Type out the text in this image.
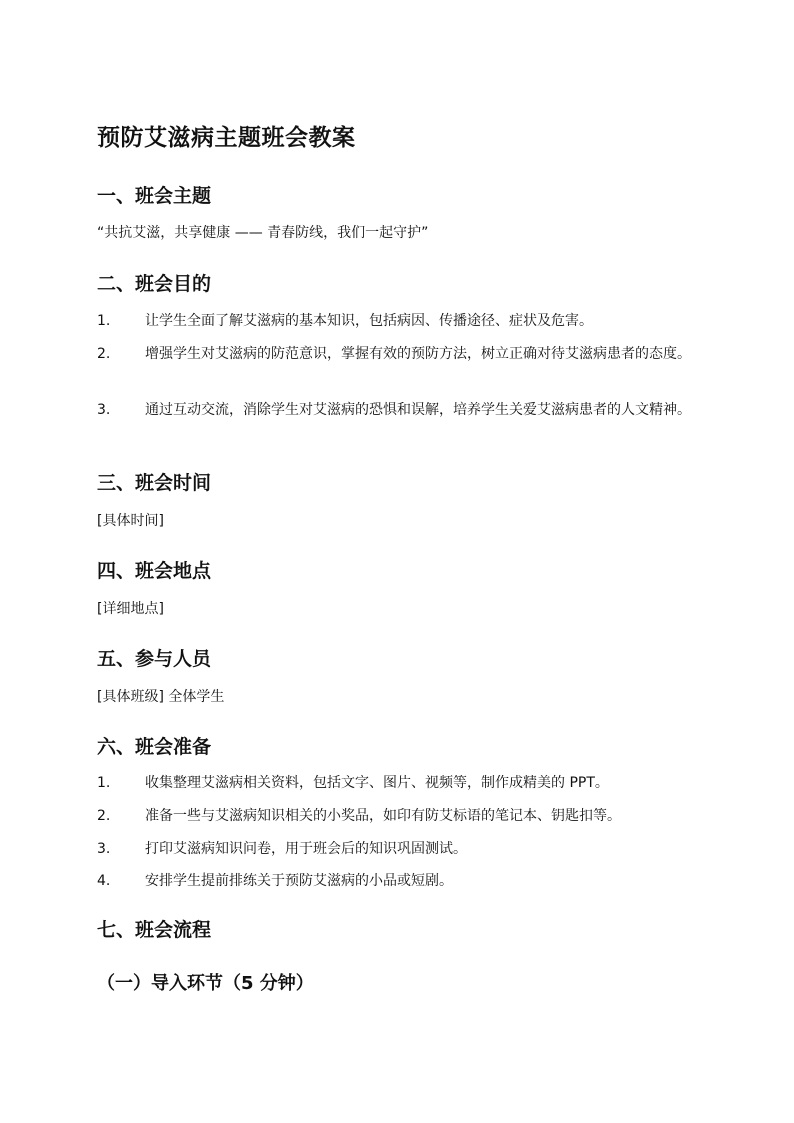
预防艾滋病主题班会教案
一、班会主题

“共抗艾滋，共享健康 —— 青春防线，我们一起守护”

二、班会目的
1.	让学生全面了解艾滋病的基本知识，包括病因、传播途径、症状及危害。
2.	增强学生对艾滋病的防范意识，掌握有效的预防方法，树立正确对待艾滋病患者的态度。
3.	通过互动交流，消除学生对艾滋病的恐惧和误解，培养学生关爱艾滋病患者的人文精神。
三、班会时间

[具体时间]

四、班会地点

[详细地点]

五、参与人员

[具体班级] 全体学生

六、班会准备
1.	收集整理艾滋病相关资料，包括文字、图片、视频等，制作成精美的 PPT。
2.	准备一些与艾滋病知识相关的小奖品，如印有防艾标语的笔记本、钥匙扣等。
3.	打印艾滋病知识问卷，用于班会后的知识巩固测试。
4.	安排学生提前排练关于预防艾滋病的小品或短剧。
七、班会流程
（一）导入环节（5 分钟）
